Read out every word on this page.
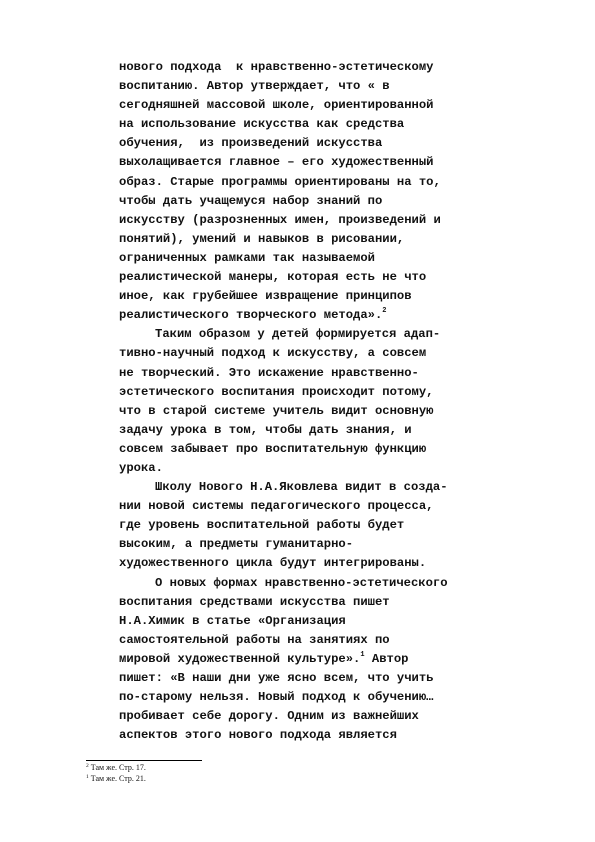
нового подхода  к нравственно-эстетическому
воспитанию. Автор утверждает, что « в
сегодняшней массовой школе, ориентированной
на использование искусства как средства
обучения,  из произведений искусства
выхолащивается главное – его художественный
образ. Старые программы ориентированы на то,
чтобы дать учащемуся набор знаний по
искусству (разрозненных имен, произведений и
понятий), умений и навыков в рисовании,
ограниченных рамками так называемой
реалистической манеры, которая есть не что
иное, как грубейшее извращение принципов
реалистического творческого метода».$^2$
Таким образом у детей формируется адап-
тивно-научный подход к искусству, а совсем
не творческий. Это искажение нравственно-
эстетического воспитания происходит потому,
что в старой системе учитель видит основную
задачу урока в том, чтобы дать знания, и
совсем забывает про воспитательную функцию
урока.
Школу Нового Н.А.Яковлева видит в созда-
нии новой системы педагогического процесса,
где уровень воспитательной работы будет
высоким, а предметы гуманитарно-
художественного цикла будут интегрированы.
О новых формах нравственно-эстетического
воспитания средствами искусства пишет
Н.А.Химик в статье «Организация
самостоятельной работы на занятиях по
мировой художественной культуре».$^1$ Автор
пишет: «В наши дни уже ясно всем, что учить
по-старому нельзя. Новый подход к обучению…
пробивает себе дорогу. Одним из важнейших
аспектов этого нового подхода является
$^2$ Там же. Стр. 17.
$^1$ Там же. Стр. 21.
